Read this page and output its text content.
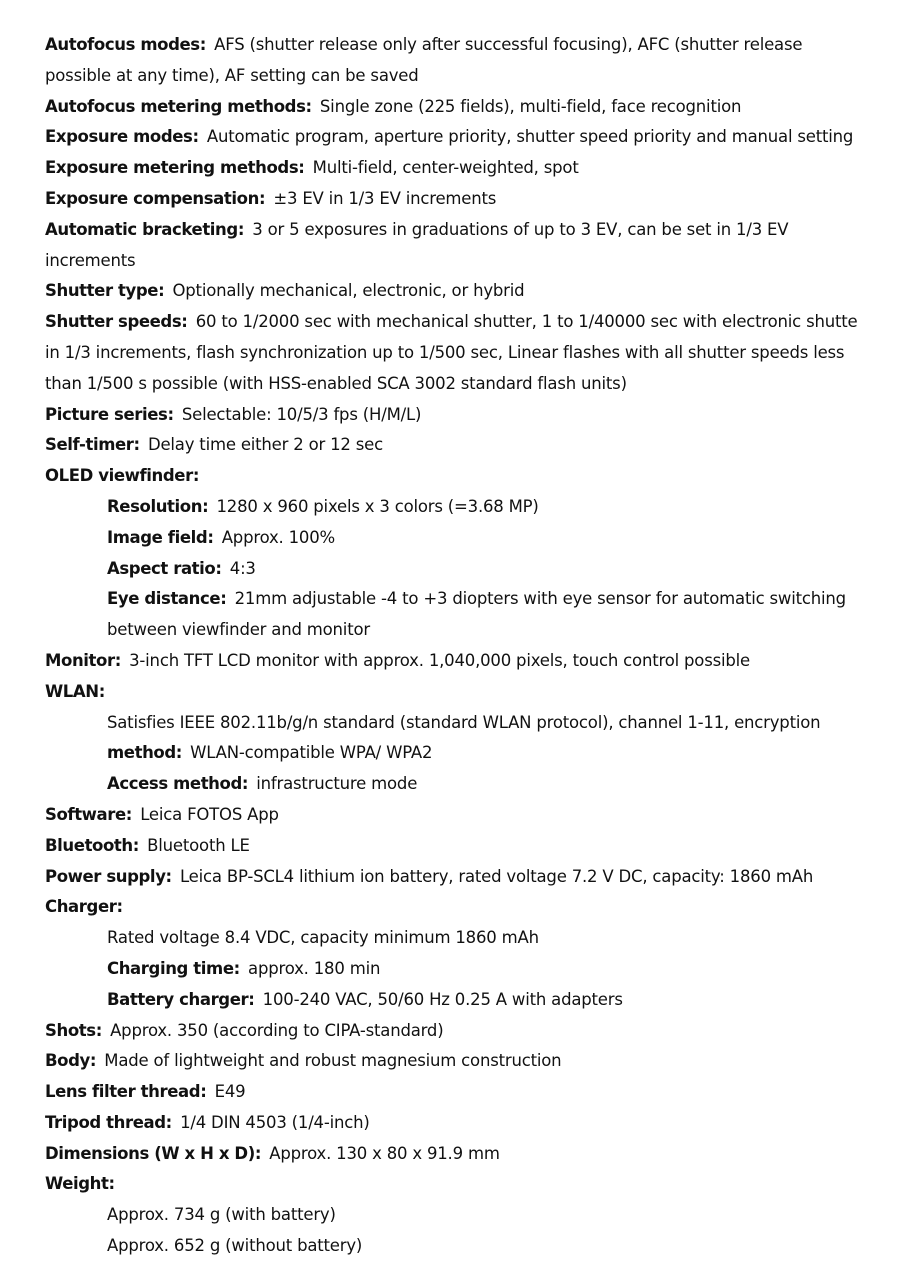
Autofocus modes: AFS (shutter release only after successful focusing), AFC (shutter release
possible at any time), AF setting can be saved
Autofocus metering methods: Single zone (225 fields), multi-field, face recognition
Exposure modes: Automatic program, aperture priority, shutter speed priority and manual setting
Exposure metering methods: Multi-field, center-weighted, spot
Exposure compensation: ±3 EV in 1/3 EV increments
Automatic bracketing: 3 or 5 exposures in graduations of up to 3 EV, can be set in 1/3 EV
increments
Shutter type: Optionally mechanical, electronic, or hybrid
Shutter speeds: 60 to 1/2000 sec with mechanical shutter, 1 to 1/40000 sec with electronic shutte
in 1/3 increments, flash synchronization up to 1/500 sec, Linear flashes with all shutter speeds less
than 1/500 s possible (with HSS-enabled SCA 3002 standard flash units)
Picture series: Selectable: 10/5/3 fps (H/M/L)
Self-timer: Delay time either 2 or 12 sec
OLED viewfinder:
Resolution: 1280 x 960 pixels x 3 colors (=3.68 MP)
Image field: Approx. 100%
Aspect ratio: 4:3
Eye distance: 21mm adjustable -4 to +3 diopters with eye sensor for automatic switching
between viewfinder and monitor
Monitor: 3-inch TFT LCD monitor with approx. 1,040,000 pixels, touch control possible
WLAN:
Satisfies IEEE 802.11b/g/n standard (standard WLAN protocol), channel 1-11, encryption
method: WLAN-compatible WPA/ WPA2
Access method: infrastructure mode
Software: Leica FOTOS App
Bluetooth: Bluetooth LE
Power supply: Leica BP-SCL4 lithium ion battery, rated voltage 7.2 V DC, capacity: 1860 mAh
Charger:
Rated voltage 8.4 VDC, capacity minimum 1860 mAh
Charging time: approx. 180 min
Battery charger: 100-240 VAC, 50/60 Hz 0.25 A with adapters
Shots: Approx. 350 (according to CIPA-standard)
Body: Made of lightweight and robust magnesium construction
Lens filter thread: E49
Tripod thread: 1/4 DIN 4503 (1/4-inch)
Dimensions (W x H x D): Approx. 130 x 80 x 91.9 mm
Weight:
Approx. 734 g (with battery)
Approx. 652 g (without battery)
